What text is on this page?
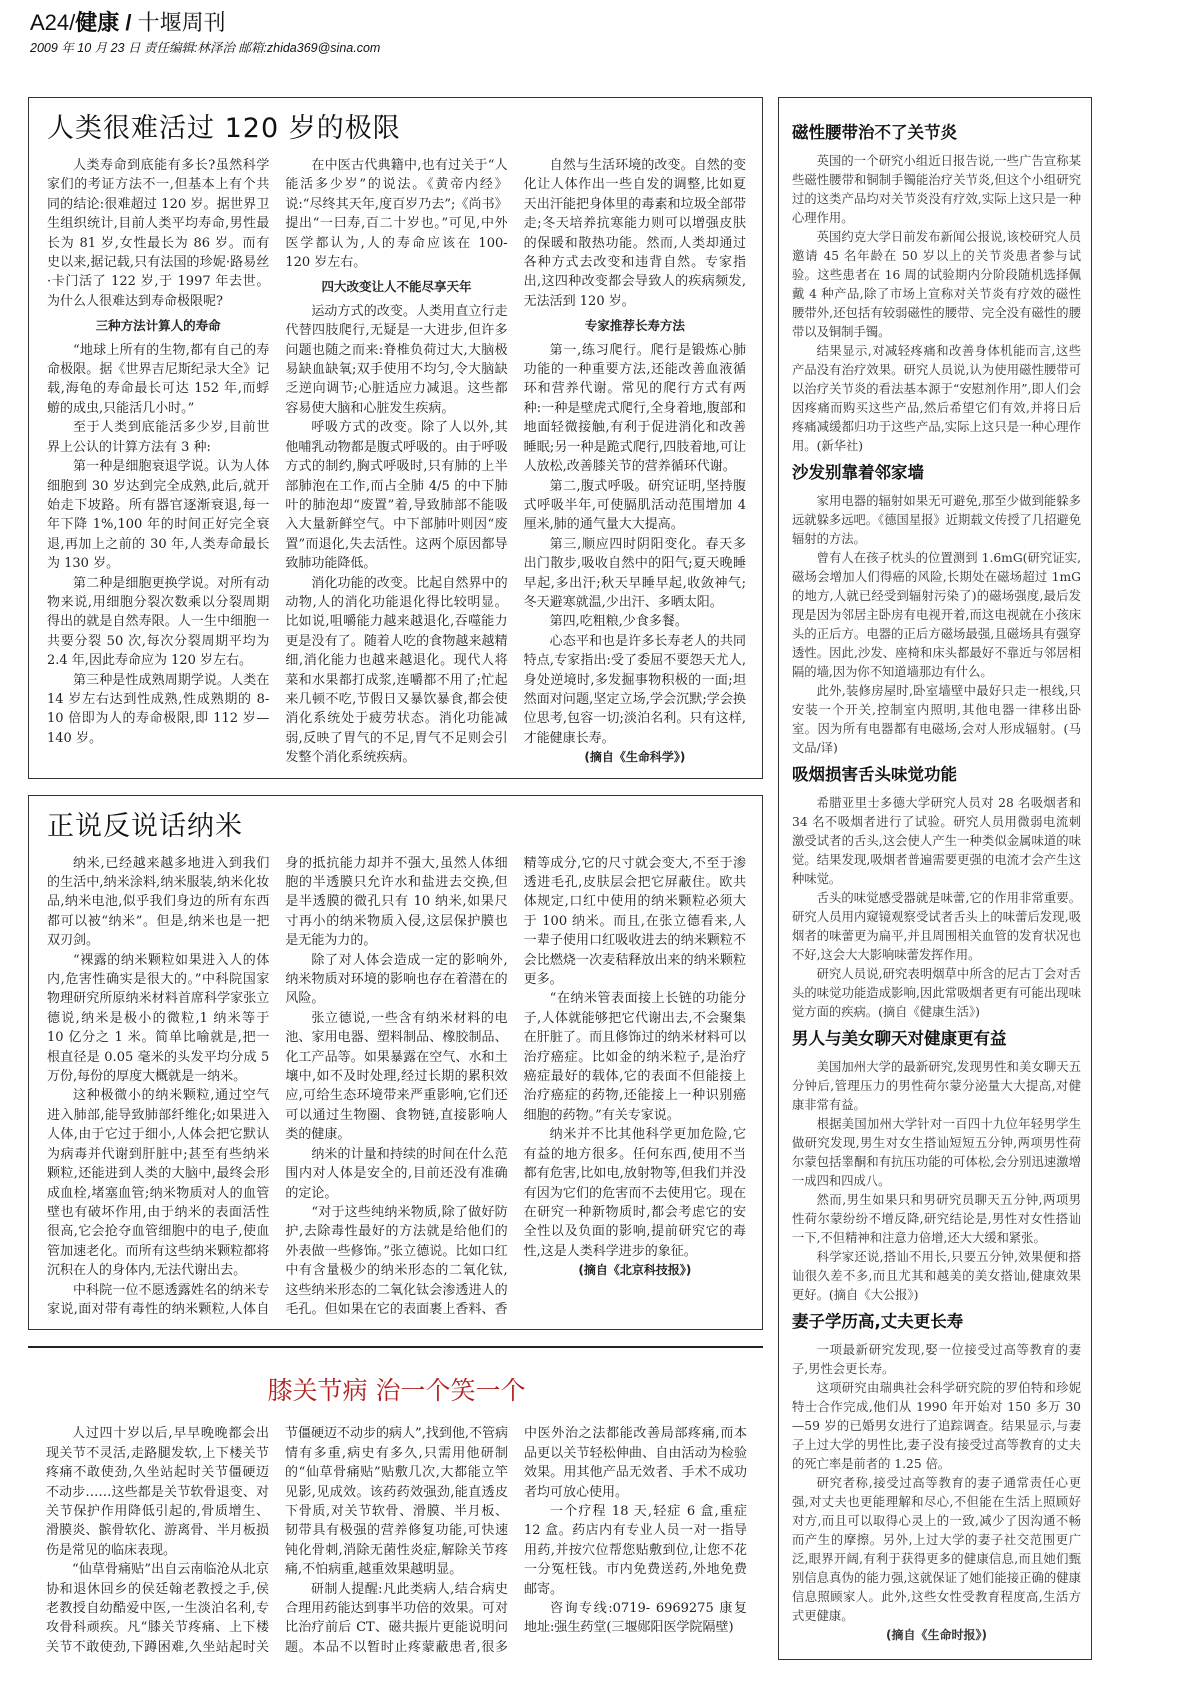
A24/健康 / 十堰周刊
2009 年 10 月 23 日 责任编辑:林泽治 邮箱:zhida369@sina.com
人类很难活过 120 岁的极限

人类寿命到底能有多长?虽然科学家们的考证方法不一,但基本上有个共同的结论:很难超过 120 岁。据世界卫生组织统计,目前人类平均寿命,男性最长为 81 岁,女性最长为 86 岁。而有史以来,据记载,只有法国的珍妮·路易丝·卡门活了 122 岁,于 1997 年去世。为什么人很难达到寿命极限呢?

三种方法计算人的寿命

“地球上所有的生物,都有自己的寿命极限。据《世界吉尼斯纪录大全》记载,海龟的寿命最长可达 152 年,而蜉蝣的成虫,只能活几小时。”

至于人类到底能活多少岁,目前世界上公认的计算方法有 3 种:

第一种是细胞衰退学说。认为人体细胞到 30 岁达到完全成熟,此后,就开始走下坡路。所有器官逐渐衰退,每一年下降 1%,100 年的时间正好完全衰退,再加上之前的 30 年,人类寿命最长为 130 岁。

第二种是细胞更换学说。对所有动物来说,用细胞分裂次数乘以分裂周期得出的就是自然寿限。人一生中细胞一共要分裂 50 次,每次分裂周期平均为 2.4 年,因此寿命应为 120 岁左右。

第三种是性成熟周期学说。人类在 14 岁左右达到性成熟,性成熟期的 8- 10 倍即为人的寿命极限,即 112 岁—140 岁。

在中医古代典籍中,也有过关于“人能活多少岁”的说法。《黄帝内经》说:“尽终其天年,度百岁乃去”;《尚书》提出“一曰寿,百二十岁也。”可见,中外医学都认为,人的寿命应该在 100- 120 岁左右。

四大改变让人不能尽享天年

运动方式的改变。人类用直立行走代替四肢爬行,无疑是一大进步,但许多问题也随之而来:脊椎负荷过大,大脑极易缺血缺氧;双手使用不均匀,令大脑缺乏逆向调节;心脏适应力减退。这些都容易使大脑和心脏发生疾病。

呼吸方式的改变。除了人以外,其他哺乳动物都是腹式呼吸的。由于呼吸方式的制约,胸式呼吸时,只有肺的上半部肺泡在工作,而占全肺 4/5 的中下肺叶的肺泡却“废置”着,导致肺部不能吸入大量新鲜空气。中下部肺叶则因“废置”而退化,失去活性。这两个原因都导致肺功能降低。

消化功能的改变。比起自然界中的动物,人的消化功能退化得比较明显。比如说,咀嚼能力越来越退化,吞噬能力更是没有了。随着人吃的食物越来越精细,消化能力也越来越退化。现代人将菜和水果都打成浆,连嚼都不用了;忙起来几顿不吃,节假日又暴饮暴食,都会使消化系统处于疲劳状态。消化功能减弱,反映了胃气的不足,胃气不足则会引发整个消化系统疾病。

自然与生活环境的改变。自然的变化让人体作出一些自发的调整,比如夏天出汗能把身体里的毒素和垃圾全部带走;冬天培养抗寒能力则可以增强皮肤的保暖和散热功能。然而,人类却通过各种方式去改变和违背自然。专家指出,这四种改变都会导致人的疾病频发,无法活到 120 岁。

专家推荐长寿方法

第一,练习爬行。爬行是锻炼心肺功能的一种重要方法,还能改善血液循环和营养代谢。常见的爬行方式有两种:一种是壁虎式爬行,全身着地,腹部和地面轻微接触,有利于促进消化和改善睡眠;另一种是跪式爬行,四肢着地,可让人放松,改善膝关节的营养循环代谢。

第二,腹式呼吸。研究证明,坚持腹式呼吸半年,可使膈肌活动范围增加 4 厘米,肺的通气量大大提高。

第三,顺应四时阴阳变化。春天多出门散步,吸收自然中的阳气;夏天晚睡早起,多出汗;秋天早睡早起,收敛神气;冬天避寒就温,少出汗、多晒太阳。

第四,吃粗粮,少食多餐。

心态平和也是许多长寿老人的共同特点,专家指出:受了委屈不要怨天尤人,身处逆境时,多发掘事物积极的一面;坦然面对问题,坚定立场,学会沉默;学会换位思考,包容一切;淡泊名利。只有这样,才能健康长寿。

(摘自《生命科学》)

正说反说话纳米

纳米,已经越来越多地进入到我们的生活中,纳米涂料,纳米服装,纳米化妆品,纳米电池,似乎我们身边的所有东西都可以被“纳米”。但是,纳米也是一把双刃剑。

“裸露的纳米颗粒如果进入人的体内,危害性确实是很大的。”中科院国家物理研究所原纳米材料首席科学家张立德说,纳米是极小的微粒,1 纳米等于 10 亿分之 1 米。简单比喻就是,把一根直径是 0.05 毫米的头发平均分成 5 万份,每份的厚度大概就是一纳米。

这种极微小的纳米颗粒,通过空气进入肺部,能导致肺部纤维化;如果进入人体,由于它过于细小,人体会把它默认为病毒并代谢到肝脏中;甚至有些纳米颗粒,还能进到人类的大脑中,最终会形成血栓,堵塞血管;纳米物质对人的血管壁也有破坏作用,由于纳米的表面活性很高,它会抢夺血管细胞中的电子,使血管加速老化。而所有这些纳米颗粒都将沉积在人的身体内,无法代谢出去。

中科院一位不愿透露姓名的纳米专家说,面对带有毒性的纳米颗粒,人体自身的抵抗能力却并不强大,虽然人体细胞的半透膜只允许水和盐进去交换,但是半透膜的微孔只有 10 纳米,如果尺寸再小的纳米物质入侵,这层保护膜也是无能为力的。

除了对人体会造成一定的影响外,纳米物质对环境的影响也存在着潜在的风险。

张立德说,一些含有纳米材料的电池、家用电器、塑料制品、橡胶制品、化工产品等。如果暴露在空气、水和土壤中,如不及时处理,经过长期的累积效应,可给生态环境带来严重影响,它们还可以通过生物圈、食物链,直接影响人类的健康。

纳米的计量和持续的时间在什么范围内对人体是安全的,目前还没有准确的定论。

“对于这些纯纳米物质,除了做好防护,去除毒性最好的方法就是给他们的外表做一些修饰。”张立德说。比如口红中有含量极少的纳米形态的二氧化钛,这些纳米形态的二氧化钛会渗透进人的毛孔。但如果在它的表面裹上香料、香精等成分,它的尺寸就会变大,不至于渗透进毛孔,皮肤层会把它屏蔽住。欧共体规定,口红中使用的纳米颗粒必须大于 100 纳米。而且,在张立德看来,人一辈子使用口红吸收进去的纳米颗粒不会比燃烧一次麦秸释放出来的纳米颗粒更多。

“在纳米管表面接上长链的功能分子,人体就能够把它代谢出去,不会聚集在肝脏了。而且修饰过的纳米材料可以治疗癌症。比如金的纳米粒子,是治疗癌症最好的载体,它的表面不但能接上治疗癌症的药物,还能接上一种识别癌细胞的药物。”有关专家说。

纳米并不比其他科学更加危险,它有益的地方很多。任何东西,使用不当都有危害,比如电,放射物等,但我们并没有因为它们的危害而不去使用它。现在在研究一种新物质时,都会考虑它的安全性以及负面的影响,提前研究它的毒性,这是人类科学进步的象征。

(摘自《北京科技报》)

膝关节病 治一个笑一个

人过四十岁以后,早早晚晚都会出现关节不灵活,走路腿发软,上下楼关节疼痛不敢使劲,久坐站起时关节僵硬迈不动步……这些都是关节软骨退变、对关节保护作用降低引起的,骨质增生、滑膜炎、髌骨软化、游离骨、半月板损伤是常见的临床表现。

“仙草骨痛贴”出自云南临沧从北京协和退休回乡的侯廷翰老教授之手,侯老教授自幼酷爱中医,一生淡泊名利,专攻骨科顽疾。凡“膝关节疼痛、上下楼关节不敢使劲,下蹲困难,久坐站起时关节僵硬迈不动步的病人”,找到他,不管病情有多重,病史有多久,只需用他研制的“仙草骨痛贴”贴敷几次,大都能立竿见影,见成效。该药药效强劲,能直透皮下骨质,对关节软骨、滑膜、半月板、韧带具有极强的营养修复功能,可快速钝化骨刺,消除无菌性炎症,解除关节疼痛,不怕病重,越重效果越明显。

研制人提醒:凡此类病人,结合病史合理用药能达到事半功倍的效果。可对比治疗前后 CT、磁共振片更能说明问题。本品不以暂时止疼蒙蔽患者,很多中医外治之法都能改善局部疼痛,而本品更以关节轻松伸曲、自由活动为检验效果。用其他产品无效者、手术不成功者均可放心使用。

一个疗程 18 天,轻症 6 盒,重症 12 盒。药店内有专业人员一对一指导用药,并按穴位帮您贴敷到位,让您不花一分冤枉钱。市内免费送药,外地免费邮寄。

咨询专线:0719- 6969275 康复地址:强生药堂(三堰郧阳医学院隔壁)

磁性腰带治不了关节炎

英国的一个研究小组近日报告说,一些广告宣称某些磁性腰带和铜制手镯能治疗关节炎,但这个小组研究过的这类产品均对关节炎没有疗效,实际上这只是一种心理作用。

英国约克大学日前发布新闻公报说,该校研究人员邀请 45 名年龄在 50 岁以上的关节炎患者参与试验。这些患者在 16 周的试验期内分阶段随机选择佩戴 4 种产品,除了市场上宣称对关节炎有疗效的磁性腰带外,还包括有较弱磁性的腰带、完全没有磁性的腰带以及铜制手镯。

结果显示,对减轻疼痛和改善身体机能而言,这些产品没有治疗效果。研究人员说,认为使用磁性腰带可以治疗关节炎的看法基本源于“安慰剂作用”,即人们会因疼痛而购买这些产品,然后希望它们有效,并将日后疼痛减缓都归功于这些产品,实际上这只是一种心理作用。(新华社)

沙发别靠着邻家墙

家用电器的辐射如果无可避免,那至少做到能躲多远就躲多远吧。《德国星报》近期载文传授了几招避免辐射的方法。

曾有人在孩子枕头的位置测到 1.6mG(研究证实,磁场会增加人们得癌的风险,长期处在磁场超过 1mG 的地方,人就已经受到辐射污染了)的磁场强度,最后发现是因为邻居主卧房有电视开着,而这电视就在小孩床头的正后方。电器的正后方磁场最强,且磁场具有强穿透性。因此,沙发、座椅和床头都最好不靠近与邻居相隔的墙,因为你不知道墙那边有什么。

此外,装修房屋时,卧室墙壁中最好只走一根线,只安装一个开关,控制室内照明,其他电器一律移出卧室。因为所有电器都有电磁场,会对人形成辐射。(马文品/译)

吸烟损害舌头味觉功能

希腊亚里士多德大学研究人员对 28 名吸烟者和 34 名不吸烟者进行了试验。研究人员用微弱电流刺激受试者的舌头,这会使人产生一种类似金属味道的味觉。结果发现,吸烟者普遍需要更强的电流才会产生这种味觉。

舌头的味觉感受器就是味蕾,它的作用非常重要。研究人员用内窥镜观察受试者舌头上的味蕾后发现,吸烟者的味蕾更为扁平,并且周围相关血管的发育状况也不好,这会大大影响味蕾发挥作用。

研究人员说,研究表明烟草中所含的尼古丁会对舌头的味觉功能造成影响,因此常吸烟者更有可能出现味觉方面的疾病。(摘自《健康生活》)

男人与美女聊天对健康更有益

美国加州大学的最新研究,发现男性和美女聊天五分钟后,管理压力的男性荷尔蒙分泌量大大提高,对健康非常有益。

根据美国加州大学针对一百四十九位年轻男学生做研究发现,男生对女生搭讪短短五分钟,两项男性荷尔蒙包括睾酮和有抗压功能的可体松,会分别迅速激增一成四和四成八。

然而,男生如果只和男研究员聊天五分钟,两项男性荷尔蒙纷纷不增反降,研究结论是,男性对女性搭讪一下,不但精神和注意力倍增,还大大缓和紧张。

科学家还说,搭讪不用长,只要五分钟,效果便和搭讪很久差不多,而且尤其和越美的美女搭讪,健康效果更好。(摘自《大公报》)

妻子学历高,丈夫更长寿

一项最新研究发现,娶一位接受过高等教育的妻子,男性会更长寿。

这项研究由瑞典社会科学研究院的罗伯特和珍妮特士合作完成,他们从 1990 年开始对 150 多万 30—59 岁的已婚男女进行了追踪调查。结果显示,与妻子上过大学的男性比,妻子没有接受过高等教育的丈夫的死亡率是前者的 1.25 倍。

研究者称,接受过高等教育的妻子通常责任心更强,对丈夫也更能理解和尽心,不但能在生活上照顾好对方,而且可以取得心灵上的一致,减少了因沟通不畅而产生的摩擦。另外,上过大学的妻子社交范围更广泛,眼界开阔,有利于获得更多的健康信息,而且她们甄别信息真伪的能力强,这就保证了她们能接正确的健康信息照顾家人。此外,这些女性受教育程度高,生活方式更健康。

(摘自《生命时报》)
